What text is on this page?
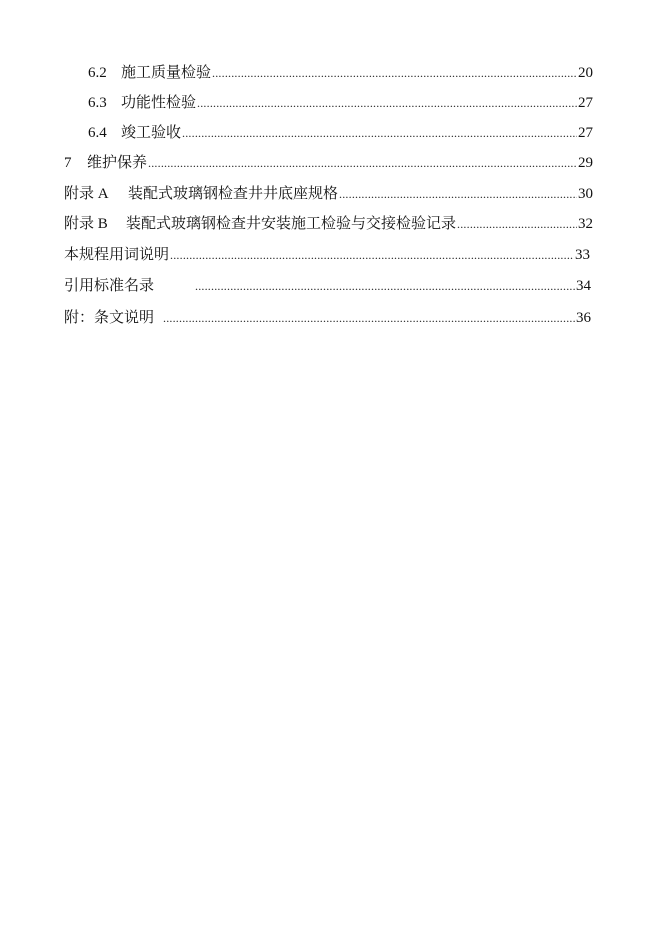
6.2 施工质量检验 .....	20
6.3 功能性检验 .....	27
6.4 竣工验收 .....	27
7	维护保养 .....	29
附录 A	装配式玻璃钢检查井井底座规格 .....	30
附录 B	装配式玻璃钢检查井安装施工检验与交接检验记录 .....	32
本规程用词说明 .....	33
引用标准名录 .....	34
附：条文说明 .....	36
